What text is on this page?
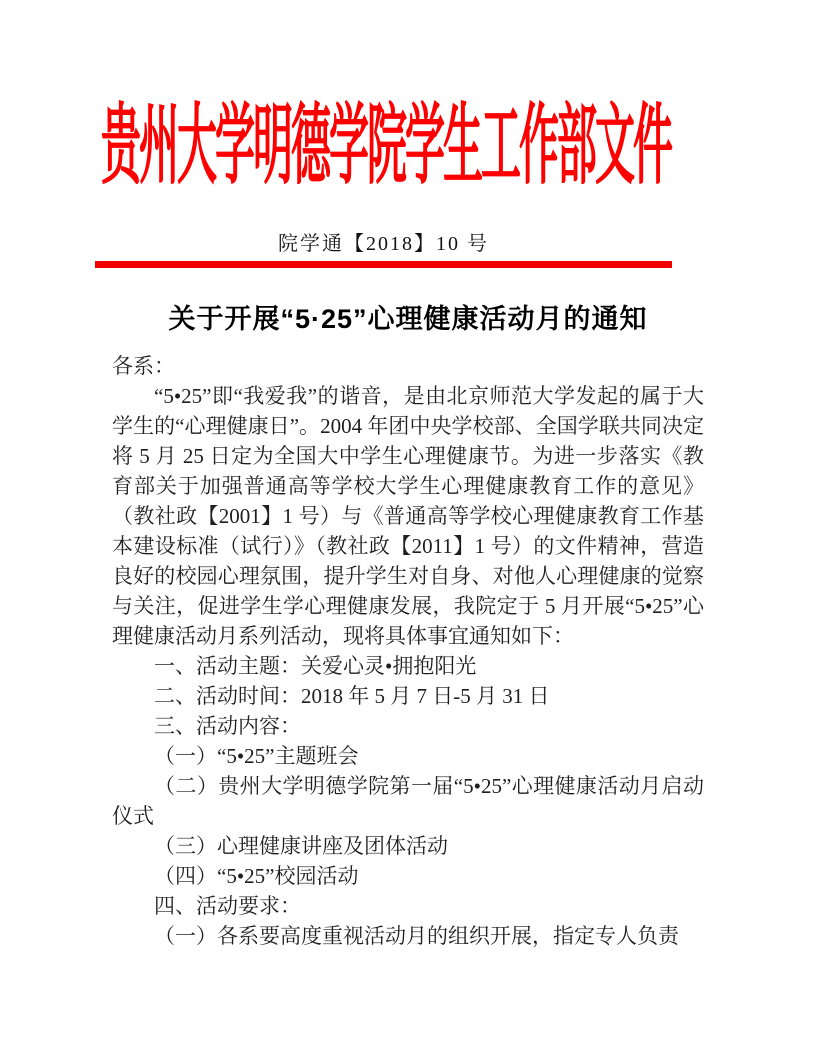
贵州大学明德学院学生工作部文件
院学通【2018】10 号
关于开展“5·25”心理健康活动月的通知

各系：

“5•25”即“我爱我”的谐音，是由北京师范大学发起的属于大学生的“心理健康日”。2004 年团中央学校部、全国学联共同决定将 5 月 25 日定为全国大中学生心理健康节。为进一步落实《教育部关于加强普通高等学校大学生心理健康教育工作的意见》（教社政【2001】1 号）与《普通高等学校心理健康教育工作基本建设标准（试行）》（教社政【2011】1 号）的文件精神，营造良好的校园心理氛围，提升学生对自身、对他人心理健康的觉察与关注，促进学生学心理健康发展，我院定于 5 月开展“5•25”心理健康活动月系列活动，现将具体事宜通知如下：

一、活动主题：关爱心灵•拥抱阳光

二、活动时间：2018 年 5 月 7 日-5 月 31 日

三、活动内容：

（一）“5•25”主题班会

（二）贵州大学明德学院第一届“5•25”心理健康活动月启动仪式

（三）心理健康讲座及团体活动

（四）“5•25”校园活动

四、活动要求：

（一）各系要高度重视活动月的组织开展，指定专人负责
